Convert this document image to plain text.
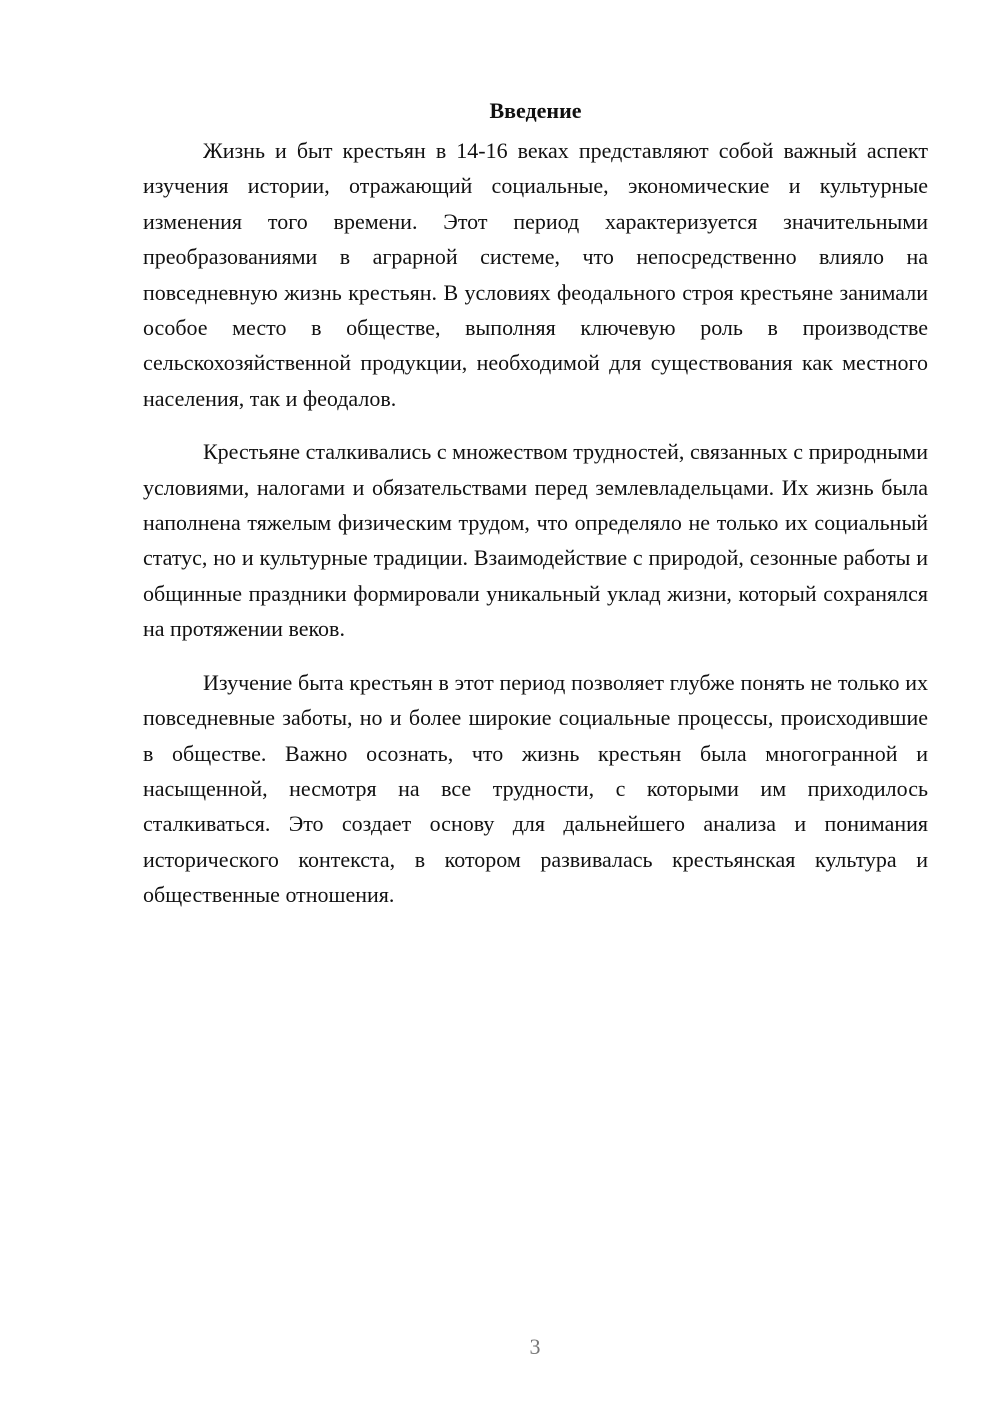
Введение

Жизнь и быт крестьян в 14-16 веках представляют собой важный аспект изучения истории, отражающий социальные, экономические и культурные изменения того времени. Этот период характеризуется значительными преобразованиями в аграрной системе, что непосредственно влияло на повседневную жизнь крестьян. В условиях феодального строя крестьяне занимали особое место в обществе, выполняя ключевую роль в производстве сельскохозяйственной продукции, необходимой для существования как местного населения, так и феодалов.

Крестьяне сталкивались с множеством трудностей, связанных с природными условиями, налогами и обязательствами перед землевладельцами. Их жизнь была наполнена тяжелым физическим трудом, что определяло не только их социальный статус, но и культурные традиции. Взаимодействие с природой, сезонные работы и общинные праздники формировали уникальный уклад жизни, который сохранялся на протяжении веков.

Изучение быта крестьян в этот период позволяет глубже понять не только их повседневные заботы, но и более широкие социальные процессы, происходившие в обществе. Важно осознать, что жизнь крестьян была многогранной и насыщенной, несмотря на все трудности, с которыми им приходилось сталкиваться. Это создает основу для дальнейшего анализа и понимания исторического контекста, в котором развивалась крестьянская культура и общественные отношения.

3
